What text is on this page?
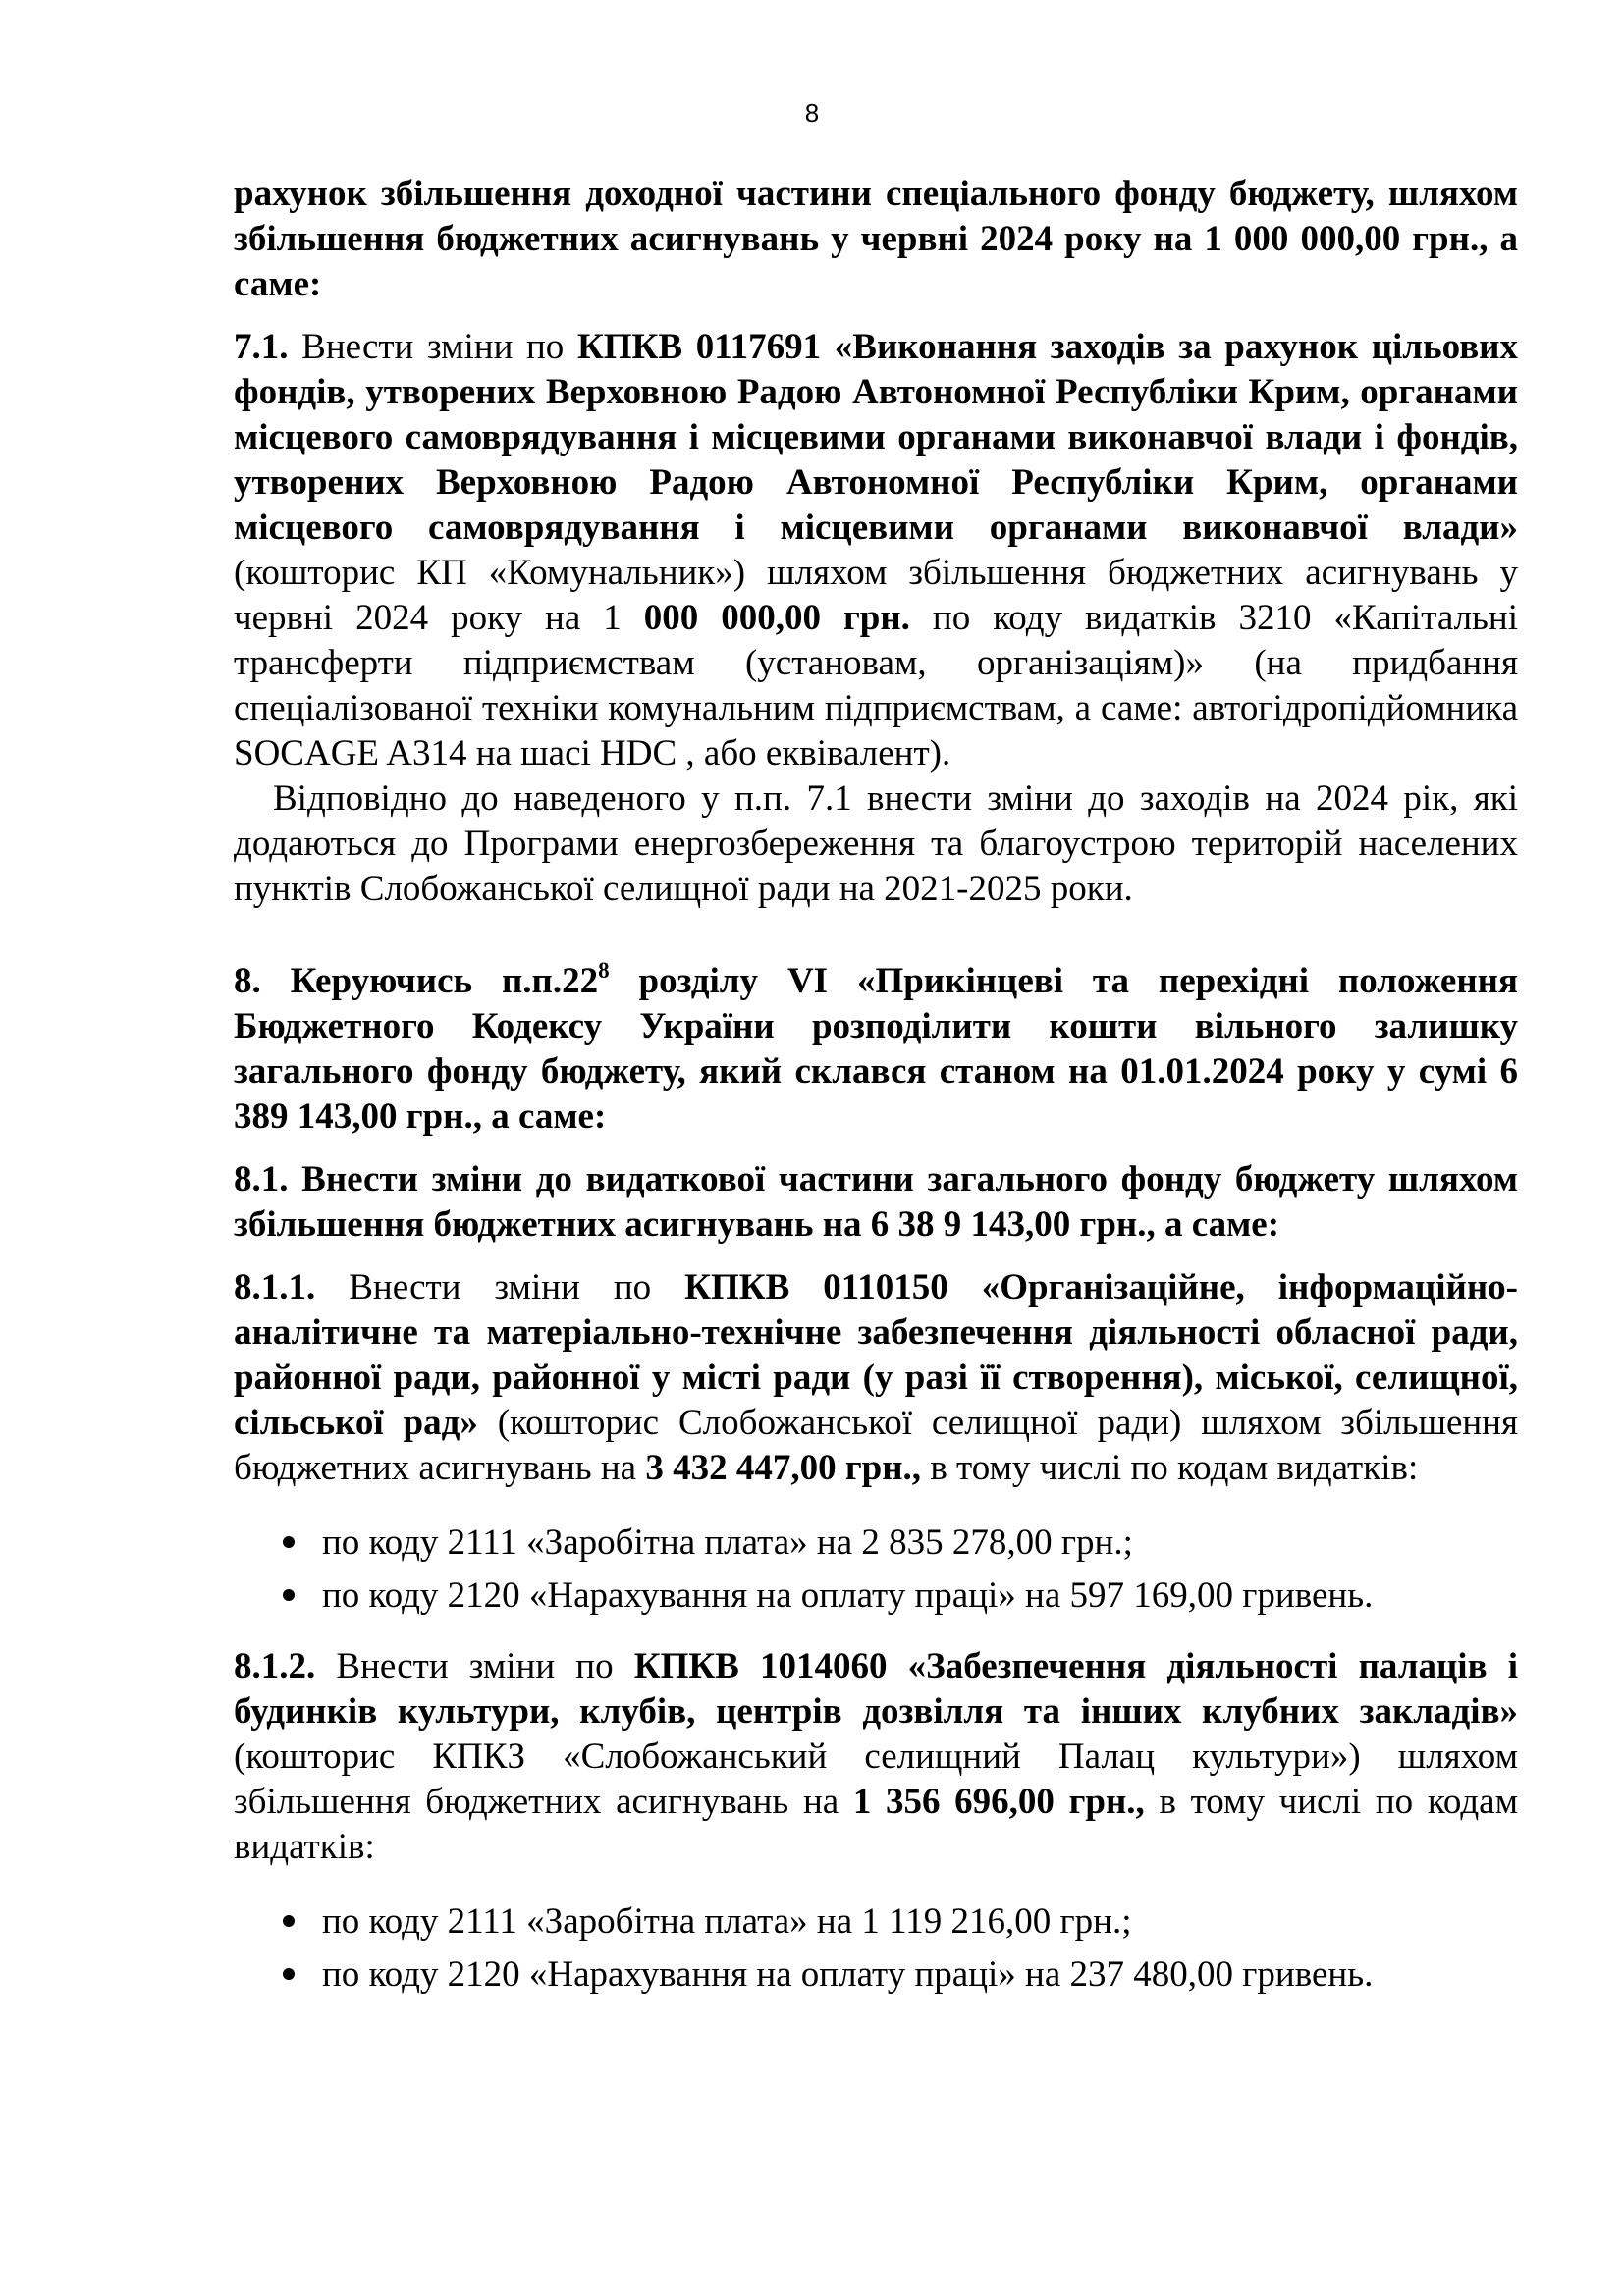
8

рахунок збільшення доходної частини спеціального фонду бюджету, шляхом збільшення бюджетних асигнувань у червні 2024 року на 1 000 000,00 грн., а саме:

7.1. Внести зміни по КПКВ 0117691 «Виконання заходів за рахунок цільових фондів, утворених Верховною Радою Автономної Республіки Крим, органами місцевого самоврядування і місцевими органами виконавчої влади і фондів, утворених Верховною Радою Автономної Республіки Крим, органами місцевого самоврядування і місцевими органами виконавчої влади» (кошторис КП «Комунальник») шляхом збільшення бюджетних асигнувань у червні 2024 року на 1 000 000,00 грн. по коду видатків 3210 «Капітальні трансферти підприємствам (установам, організаціям)» (на придбання спеціалізованої техніки комунальним підприємствам, а саме: автогідропідйомника SOCAGE A314 на шасі HDC , або еквівалент).

Відповідно до наведеного у п.п. 7.1 внести зміни до заходів на 2024 рік, які додаються до Програми енергозбереження та благоустрою територій населених пунктів Слобожанської селищної ради на 2021-2025 роки.

8. Керуючись $п.п.22^8$ розділу VI «Прикінцеві та перехідні положення Бюджетного Кодексу України розподілити кошти вільного залишку загального фонду бюджету, який склався станом на 01.01.2024 року у сумі 6 389 143,00 грн., а саме:

8.1. Внести зміни до видаткової частини загального фонду бюджету шляхом збільшення бюджетних асигнувань на 6 38 9 143,00 грн., а саме:

8.1.1. Внести зміни по КПКВ 0110150 «Організаційне, інформаційно-аналітичне та матеріально-технічне забезпечення діяльності обласної ради, районної ради, районної у місті ради (у разі її створення), міської, селищної, сільської рад» (кошторис Слобожанської селищної ради) шляхом збільшення бюджетних асигнувань на 3 432 447,00 грн., в тому числі по кодам видатків:

по коду 2111 «Заробітна плата» на 2 835 278,00 грн.;
по коду 2120 «Нарахування на оплату праці» на 597 169,00 гривень.

8.1.2. Внести зміни по КПКВ 1014060 «Забезпечення діяльності палаців і будинків культури, клубів, центрів дозвілля та інших клубних закладів» (кошторис КПКЗ «Слобожанський селищний Палац культури») шляхом збільшення бюджетних асигнувань на 1 356 696,00 грн., в тому числі по кодам видатків:

по коду 2111 «Заробітна плата» на 1 119 216,00 грн.;
по коду 2120 «Нарахування на оплату праці» на 237 480,00 гривень.
